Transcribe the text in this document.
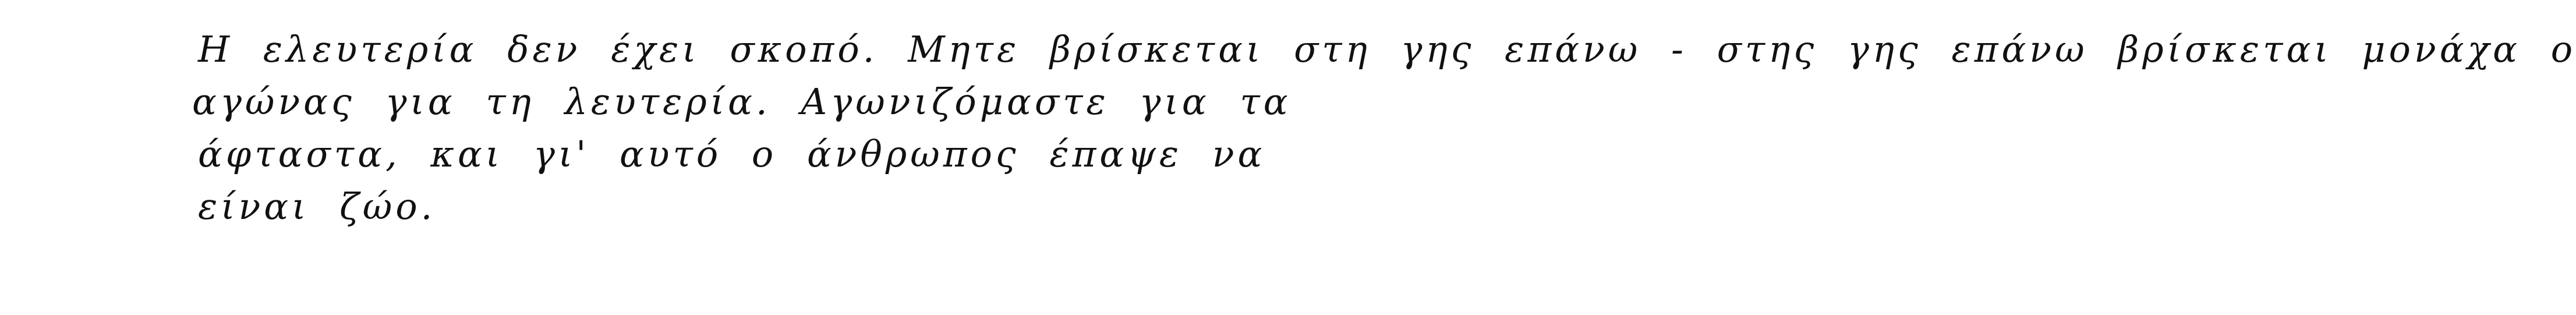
Η ελευτερία δεν έχει σκοπό. Μητε βρίσκεται στη γης επάνω - στης γης επάνω βρίσκεται μονάχα ο
αγώνας για τη λευτερία. Αγωνιζόμαστε για τα
άφταστα, και γι' αυτό ο άνθρωπος έπαψε να
είναι ζώο.
